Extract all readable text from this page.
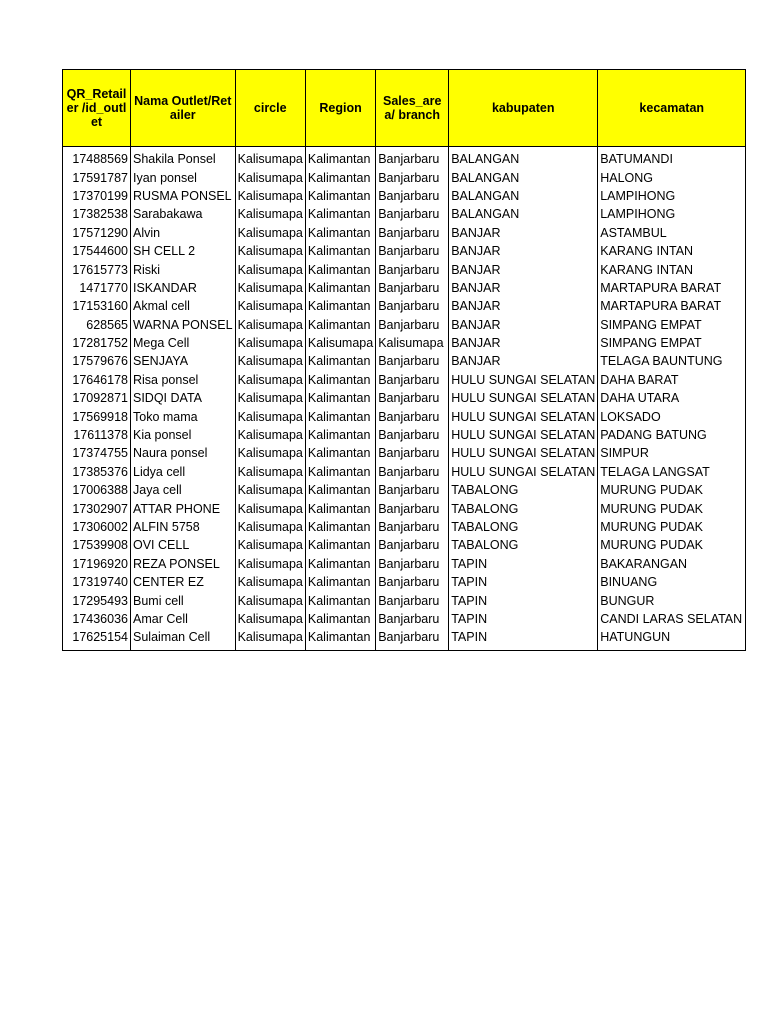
QR_Retailer /id_outlet	Nama Outlet/Retailer	circle	Region	Sales_area/ branch	kabupaten	kecamatan

17488569	Shakila Ponsel	Kalisumapa	Kalimantan	Banjarbaru	BALANGAN	BATUMANDI
17591787	Iyan ponsel	Kalisumapa	Kalimantan	Banjarbaru	BALANGAN	HALONG
17370199	RUSMA PONSEL	Kalisumapa	Kalimantan	Banjarbaru	BALANGAN	LAMPIHONG
17382538	Sarabakawa	Kalisumapa	Kalimantan	Banjarbaru	BALANGAN	LAMPIHONG
17571290	Alvin	Kalisumapa	Kalimantan	Banjarbaru	BANJAR	ASTAMBUL
17544600	SH CELL 2	Kalisumapa	Kalimantan	Banjarbaru	BANJAR	KARANG INTAN
17615773	Riski	Kalisumapa	Kalimantan	Banjarbaru	BANJAR	KARANG INTAN
1471770	ISKANDAR	Kalisumapa	Kalimantan	Banjarbaru	BANJAR	MARTAPURA BARAT
17153160	Akmal cell	Kalisumapa	Kalimantan	Banjarbaru	BANJAR	MARTAPURA BARAT
628565	WARNA PONSEL	Kalisumapa	Kalimantan	Banjarbaru	BANJAR	SIMPANG EMPAT
17281752	Mega Cell	Kalisumapa	Kalisumapa	Kalisumapa	BANJAR	SIMPANG EMPAT
17579676	SENJAYA	Kalisumapa	Kalimantan	Banjarbaru	BANJAR	TELAGA BAUNTUNG
17646178	Risa ponsel	Kalisumapa	Kalimantan	Banjarbaru	HULU SUNGAI SELATAN	DAHA BARAT
17092871	SIDQI DATA	Kalisumapa	Kalimantan	Banjarbaru	HULU SUNGAI SELATAN	DAHA UTARA
17569918	Toko mama	Kalisumapa	Kalimantan	Banjarbaru	HULU SUNGAI SELATAN	LOKSADO
17611378	Kia ponsel	Kalisumapa	Kalimantan	Banjarbaru	HULU SUNGAI SELATAN	PADANG BATUNG
17374755	Naura ponsel	Kalisumapa	Kalimantan	Banjarbaru	HULU SUNGAI SELATAN	SIMPUR
17385376	Lidya cell	Kalisumapa	Kalimantan	Banjarbaru	HULU SUNGAI SELATAN	TELAGA LANGSAT
17006388	Jaya cell	Kalisumapa	Kalimantan	Banjarbaru	TABALONG	MURUNG PUDAK
17302907	ATTAR PHONE	Kalisumapa	Kalimantan	Banjarbaru	TABALONG	MURUNG PUDAK
17306002	ALFIN 5758	Kalisumapa	Kalimantan	Banjarbaru	TABALONG	MURUNG PUDAK
17539908	OVI CELL	Kalisumapa	Kalimantan	Banjarbaru	TABALONG	MURUNG PUDAK
17196920	REZA PONSEL	Kalisumapa	Kalimantan	Banjarbaru	TAPIN	BAKARANGAN
17319740	CENTER EZ	Kalisumapa	Kalimantan	Banjarbaru	TAPIN	BINUANG
17295493	Bumi cell	Kalisumapa	Kalimantan	Banjarbaru	TAPIN	BUNGUR
17436036	Amar Cell	Kalisumapa	Kalimantan	Banjarbaru	TAPIN	CANDI LARAS SELATAN
17625154	Sulaiman Cell	Kalisumapa	Kalimantan	Banjarbaru	TAPIN	HATUNGUN
